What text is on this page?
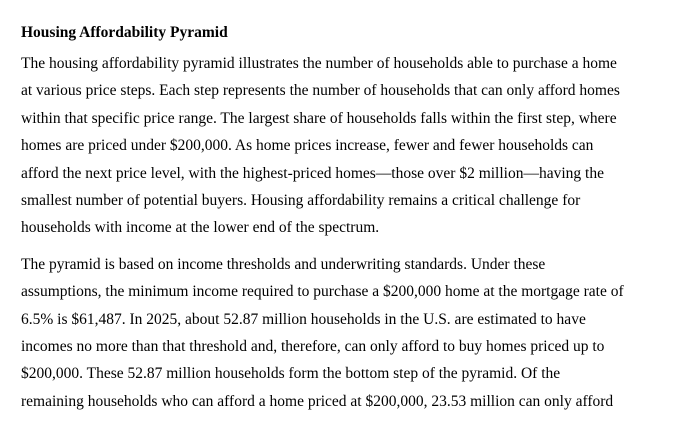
Housing Affordability Pyramid

The housing affordability pyramid illustrates the number of households able to purchase a home
at various price steps. Each step represents the number of households that can only afford homes
within that specific price range. The largest share of households falls within the first step, where
homes are priced under $200,000. As home prices increase, fewer and fewer households can
afford the next price level, with the highest-priced homes—those over $2 million—having the
smallest number of potential buyers. Housing affordability remains a critical challenge for
households with income at the lower end of the spectrum.

The pyramid is based on income thresholds and underwriting standards. Under these
assumptions, the minimum income required to purchase a $200,000 home at the mortgage rate of
6.5% is $61,487. In 2025, about 52.87 million households in the U.S. are estimated to have
incomes no more than that threshold and, therefore, can only afford to buy homes priced up to
$200,000. These 52.87 million households form the bottom step of the pyramid. Of the
remaining households who can afford a home priced at $200,000, 23.53 million can only afford
